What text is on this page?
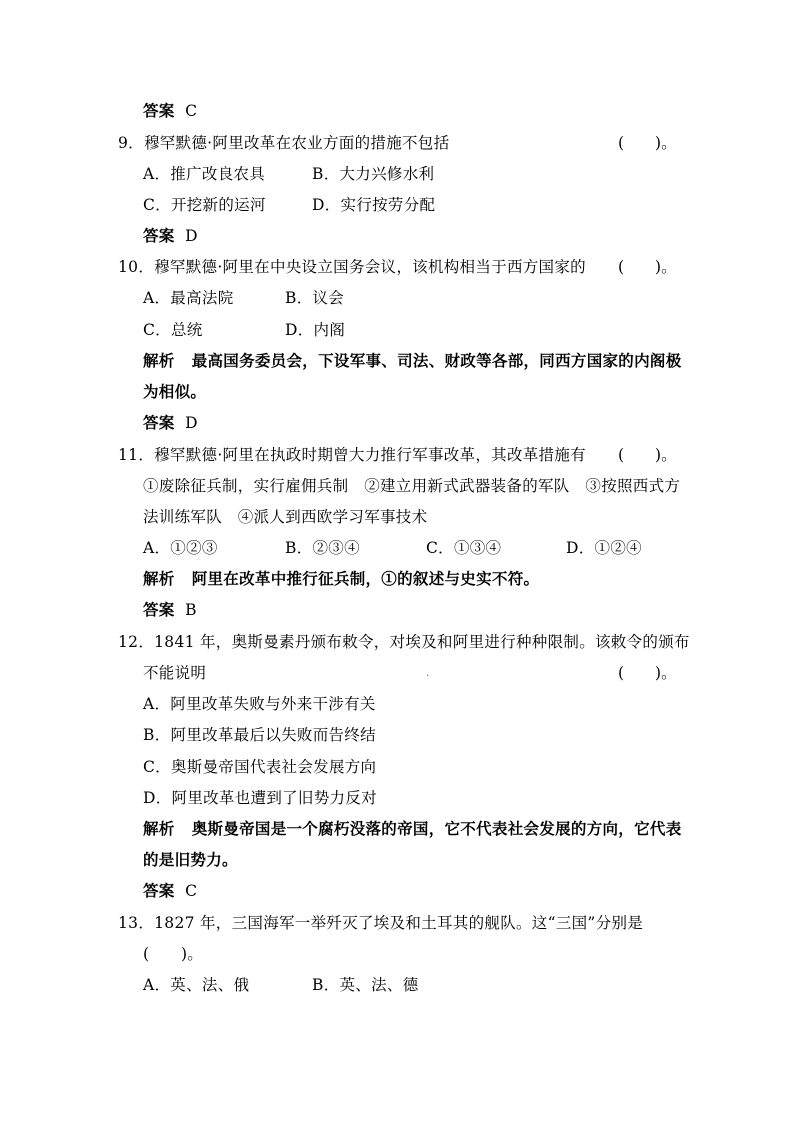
答案 C
9．穆罕默德·阿里改革在农业方面的措施不包括	(　　)。
A．推广改良农具	B．大力兴修水利
C．开挖新的运河	D．实行按劳分配
答案 D
10．穆罕默德·阿里在中央设立国务会议，该机构相当于西方国家的 (　　)。
A．最高法院	B．议会
C．总统	D．内阁
解析 最高国务委员会，下设军事、司法、财政等各部，同西方国家的内阁极
为相似。
答案 D
11．穆罕默德·阿里在执政时期曾大力推行军事改革，其改革措施有 (　　)。
①废除征兵制，实行雇佣兵制　②建立用新式武器装备的军队　③按照西式方
法训练军队　④派人到西欧学习军事技术
A．①②③	B．②③④	C．①③④	D．①②④
解析 阿里在改革中推行征兵制，①的叙述与史实不符。
答案 B
12．1841 年，奥斯曼素丹颁布敕令，对埃及和阿里进行种种限制。该敕令的颁布
不能说明	.	(　　)。
A．阿里改革失败与外来干涉有关
B．阿里改革最后以失败而告终结
C．奥斯曼帝国代表社会发展方向
D．阿里改革也遭到了旧势力反对
解析 奥斯曼帝国是一个腐朽没落的帝国，它不代表社会发展的方向，它代表
的是旧势力。
答案 C
13．1827 年，三国海军一举歼灭了埃及和土耳其的舰队。这“三国”分别是
(　　)。
A．英、法、俄	B．英、法、德
